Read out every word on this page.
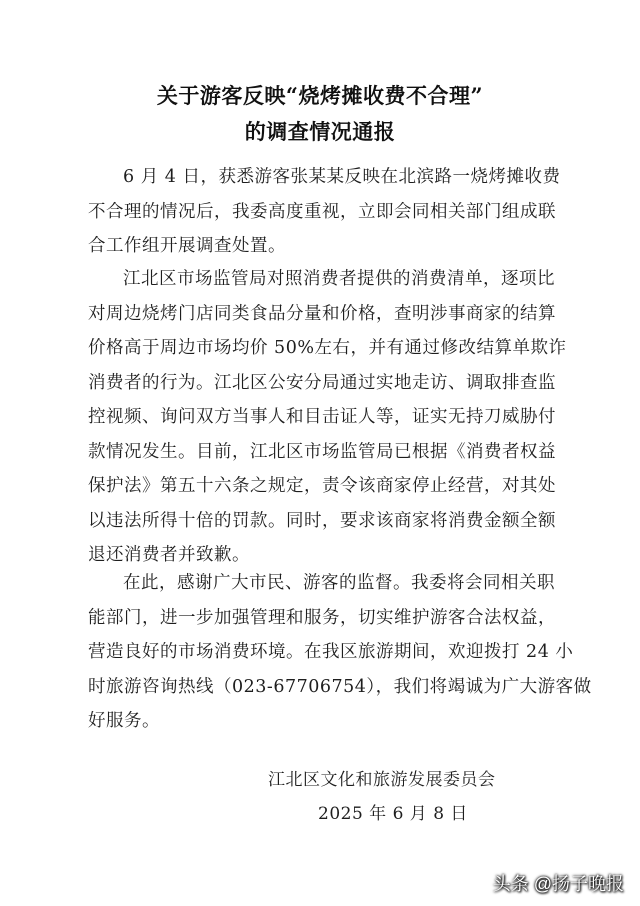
关于游客反映“烧烤摊收费不合理”
的调查情况通报
6 月 4 日，获悉游客张某某反映在北滨路一烧烤摊收费
不合理的情况后，我委高度重视，立即会同相关部门组成联
合工作组开展调查处置。
江北区市场监管局对照消费者提供的消费清单，逐项比
对周边烧烤门店同类食品分量和价格，查明涉事商家的结算
价格高于周边市场均价 50%左右，并有通过修改结算单欺诈
消费者的行为。江北区公安分局通过实地走访、调取排查监
控视频、询问双方当事人和目击证人等，证实无持刀威胁付
款情况发生。目前，江北区市场监管局已根据《消费者权益
保护法》第五十六条之规定，责令该商家停止经营，对其处
以违法所得十倍的罚款。同时，要求该商家将消费金额全额
退还消费者并致歉。
在此，感谢广大市民、游客的监督。我委将会同相关职
能部门，进一步加强管理和服务，切实维护游客合法权益，
营造良好的市场消费环境。在我区旅游期间，欢迎拨打 24 小
时旅游咨询热线（023-67706754），我们将竭诚为广大游客做
好服务。
江北区文化和旅游发展委员会
2025 年 6 月 8 日
头条 @扬子晚报
